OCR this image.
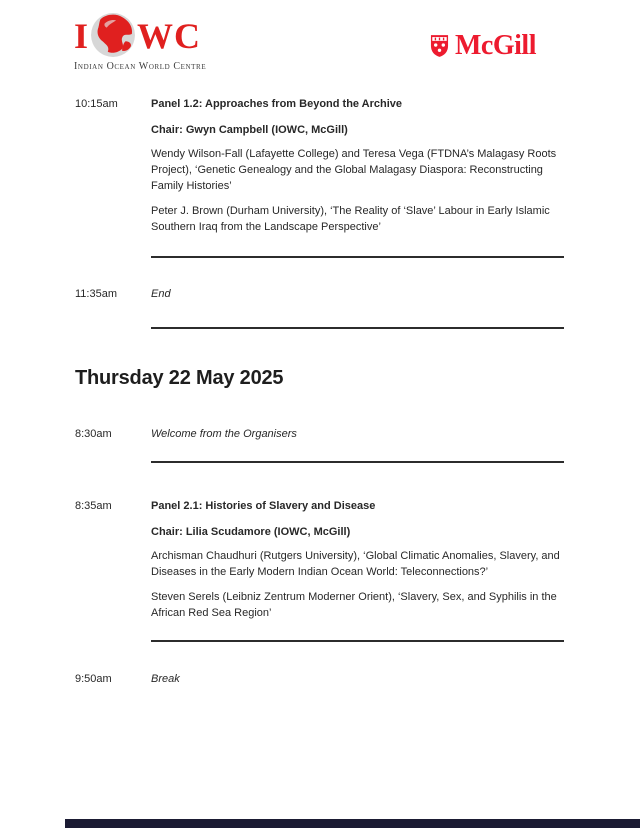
I WC
Indian Ocean World Centre
McGill
10:15am	Panel 1.2: Approaches from Beyond the Archive

Chair: Gwyn Campbell (IOWC, McGill)

Wendy Wilson-Fall (Lafayette College) and Teresa Vega (FTDNA’s Malagasy Roots Project), ‘Genetic Genealogy and the Global Malagasy Diaspora: Reconstructing Family Histories’

Peter J. Brown (Durham University), ‘The Reality of ‘Slave’ Labour in Early Islamic Southern Iraq from the Landscape Perspective’

11:35am	End
Thursday 22 May 2025
8:30am	Welcome from the Organisers
8:35am	Panel 2.1: Histories of Slavery and Disease

Chair: Lilia Scudamore (IOWC, McGill)

Archisman Chaudhuri (Rutgers University), ‘Global Climatic Anomalies, Slavery, and Diseases in the Early Modern Indian Ocean World: Teleconnections?’

Steven Serels (Leibniz Zentrum Moderner Orient), ‘Slavery, Sex, and Syphilis in the African Red Sea Region’

9:50am	Break
